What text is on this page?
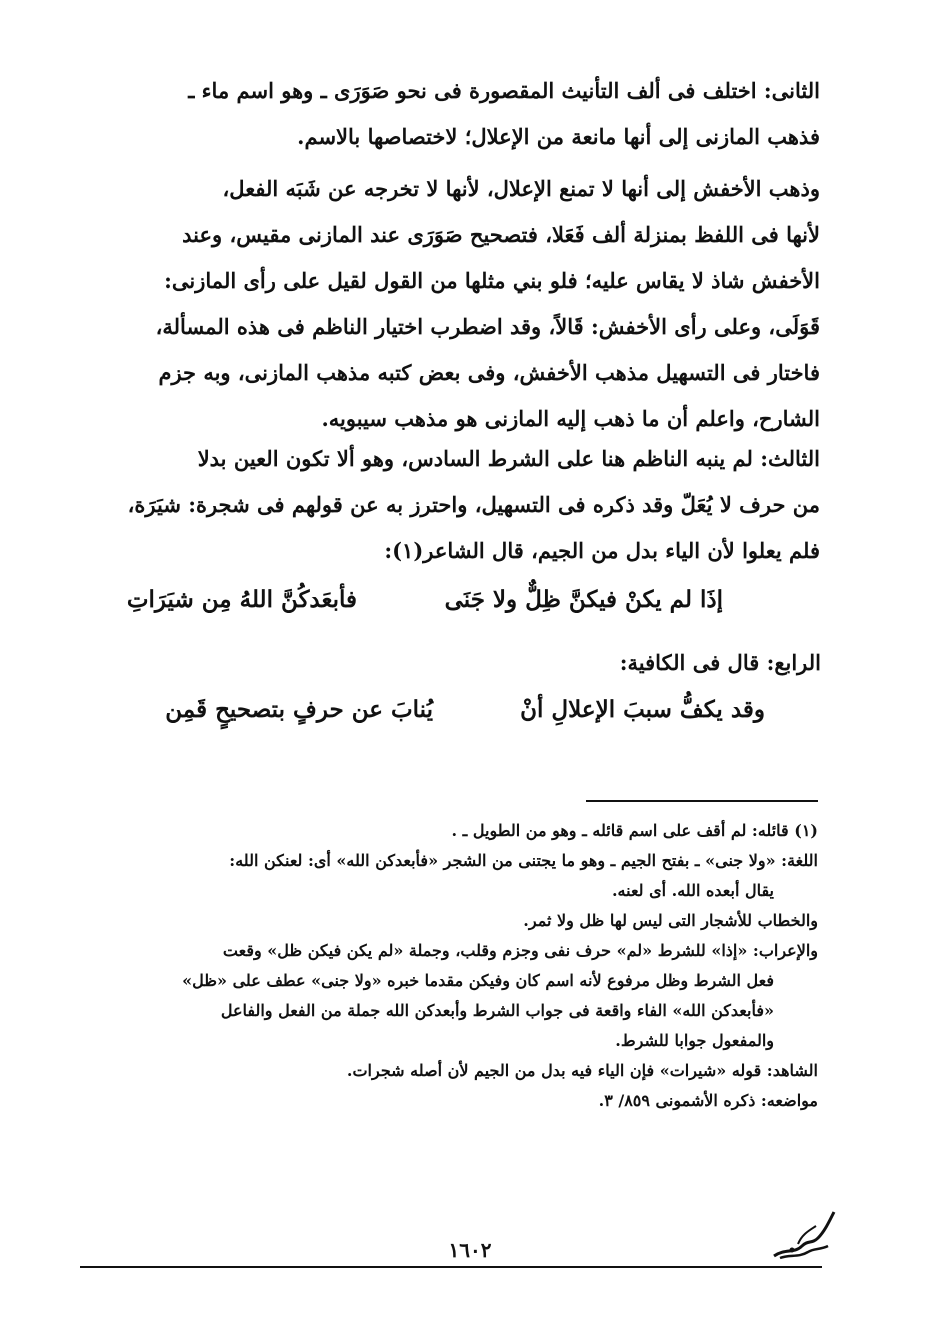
الثانى: اختلف فى ألف التأنيث المقصورة فى نحو صَوَرَى ـ وهو اسم ماء ـ
فذهب المازنى إلى أنها مانعة من الإعلال؛ لاختصاصها بالاسم.
وذهب الأخفش إلى أنها لا تمنع الإعلال، لأنها لا تخرجه عن شَبَه الفعل،
لأنها فى اللفظ بمنزلة ألف فَعَلا، فتصحيح صَوَرَى عند المازنى مقيس، وعند
الأخفش شاذ لا يقاس عليه؛ فلو بني مثلها من القول لقيل على رأى المازنى:
قَوَلَى، وعلى رأى الأخفش: قَالاً، وقد اضطرب اختيار الناظم فى هذه المسألة،
فاختار فى التسهيل مذهب الأخفش، وفى بعض كتبه مذهب المازنى، وبه جزم
الشارح، واعلم أن ما ذهب إليه المازنى هو مذهب سيبويه.
الثالث: لم ينبه الناظم هنا على الشرط السادس، وهو ألا تكون العين بدلا
من حرف لا يُعَلّ وقد ذكره فى التسهيل، واحترز به عن قولهم فى شجرة: شيَرَة،
فلم يعلوا لأن الياء بدل من الجيم، قال الشاعر(١):
إذَا لم يكنْ فيكنَّ ظِلٌّ ولا جَنَى
فأبعَدكُنَّ اللهُ مِن شيَرَاتِ
الرابع: قال فى الكافية:
وقد يكفُّ سببَ الإعلالِ أنْ
يُنابَ عن حرفٍ بتصحيحٍ قَمِن
(١) قائله: لم أقف على اسم قائله ـ وهو من الطويل ـ .
اللغة: «ولا جنى» ـ بفتح الجيم ـ وهو ما يجتنى من الشجر «فأبعدكن الله» أى: لعنكن الله:
يقال أبعده الله. أى لعنه.
والخطاب للأشجار التى ليس لها ظل ولا ثمر.
والإعراب: «إذا» للشرط «لم» حرف نفى وجزم وقلب، وجملة «لم يكن فيكن ظل» وقعت
فعل الشرط وظل مرفوع لأنه اسم كان وفيكن مقدما خبره «ولا جنى» عطف على «ظل»
«فأبعدكن الله» الفاء واقعة فى جواب الشرط وأبعدكن الله جملة من الفعل والفاعل
والمفعول جوابا للشرط.
الشاهد: قوله «شيرات» فإن الياء فيه بدل من الجيم لأن أصله شجرات.
مواضعه: ذكره الأشمونى ٨٥٩/ ٣.
١٦٠٢
